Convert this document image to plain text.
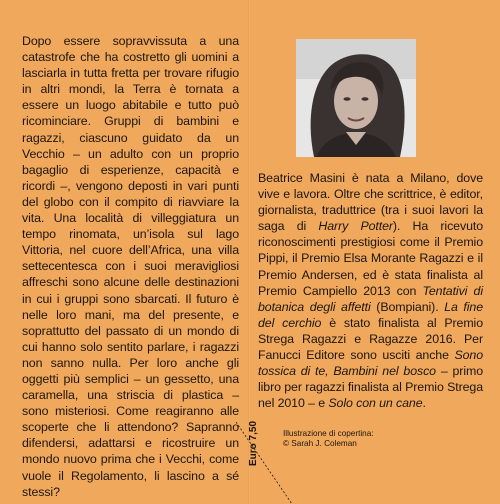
Dopo essere sopravvissuta a una catastrofe che ha costretto gli uomini a lasciarla in tutta fretta per trovare rifugio in altri mondi, la Terra è tornata a essere un luogo abitabile e tutto può ricominciare. Gruppi di bambini e ragazzi, ciascuno guidato da un Vecchio – un adulto con un proprio bagaglio di esperienze, capacità e ricordi –, vengono deposti in vari punti del globo con il compito di riavviare la vita. Una località di villeggiatura un tempo rinomata, un’isola sul lago Vittoria, nel cuore dell’Africa, una villa settecentesca con i suoi meravigliosi affreschi sono alcune delle destinazioni in cui i gruppi sono sbarcati. Il futuro è nelle loro mani, ma del presente, e soprattutto del passato di un mondo di cui hanno solo sentito parlare, i ragazzi non sanno nulla. Per loro anche gli oggetti più semplici – un gessetto, una caramella, una striscia di plastica – sono misteriosi. Come reagiranno alle scoperte che li attendono? Sapranno difendersi, adattarsi e ricostruire un mondo nuovo prima che i Vecchi, come vuole il Regolamento, li lascino a sé stessi?

Beatrice Masini è nata a Milano, dove vive e lavora. Oltre che scrittrice, è editor, giornalista, traduttrice (tra i suoi lavori la saga di Harry Potter). Ha ricevuto riconoscimenti prestigiosi come il Premio Pippi, il Premio Elsa Morante Ragazzi e il Premio Andersen, ed è stata finalista al Premio Campiello 2013 con Tentativi di botanica degli affetti (Bompiani). La fine del cerchio è stato finalista al Premio Strega Ragazzi e Ragazze 2016. Per Fanucci Editore sono usciti anche Sono tossica di te, Bambini nel bosco – primo libro per ragazzi finalista al Premio Strega nel 2010 – e Solo con un cane.

Illustrazione di copertina:
© Sarah J. Coleman
Euro 7,50
